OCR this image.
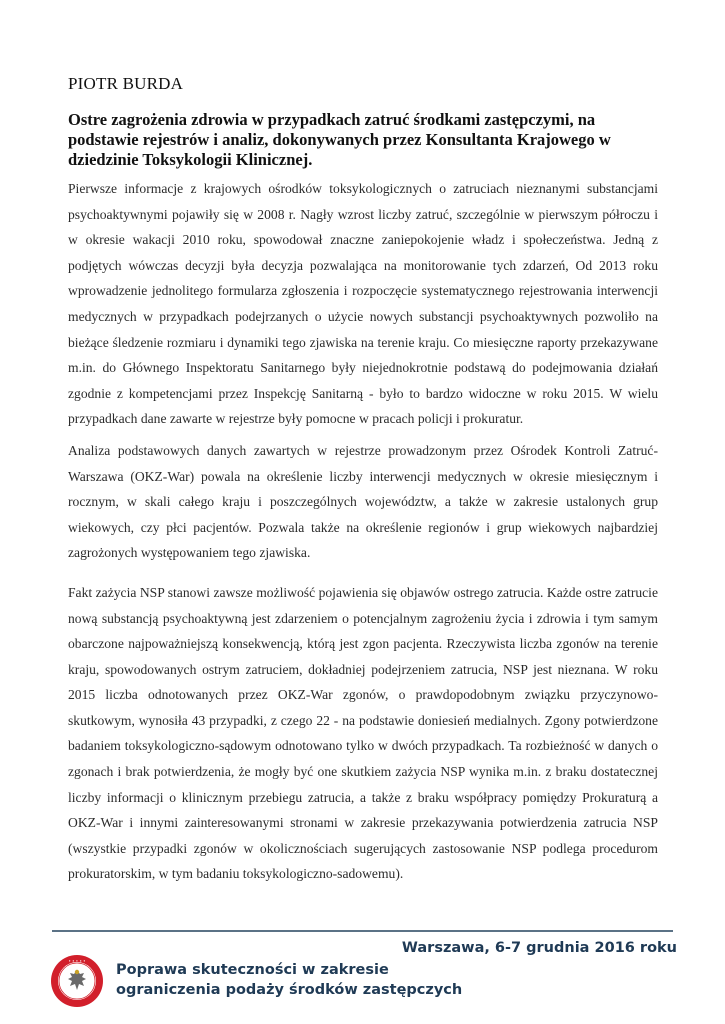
PIOTR BURDA
Ostre zagrożenia zdrowia w przypadkach zatruć środkami zastępczymi, na podstawie rejestrów i analiz, dokonywanych przez Konsultanta Krajowego w dziedzinie Toksykologii Klinicznej.

Pierwsze informacje z krajowych ośrodków toksykologicznych o zatruciach nieznanymi substancjami psychoaktywnymi pojawiły się w 2008 r. Nagły wzrost liczby zatruć, szczególnie w pierwszym półroczu i w okresie wakacji 2010 roku, spowodował znaczne zaniepokojenie władz i społeczeństwa. Jedną z podjętych wówczas decyzji była decyzja pozwalająca na monitorowanie tych zdarzeń, Od 2013 roku wprowadzenie jednolitego formularza zgłoszenia i rozpoczęcie systematycznego rejestrowania interwencji medycznych w przypadkach podejrzanych o użycie nowych substancji psychoaktywnych pozwoliło na bieżące śledzenie rozmiaru i dynamiki tego zjawiska na terenie kraju. Co miesięczne raporty przekazywane m.in. do Głównego Inspektoratu Sanitarnego były niejednokrotnie podstawą do podejmowania działań zgodnie z kompetencjami przez Inspekcję Sanitarną - było to bardzo widoczne w roku 2015. W wielu przypadkach dane zawarte w rejestrze były pomocne w pracach policji i prokuratur.

Analiza podstawowych danych zawartych w rejestrze prowadzonym przez Ośrodek Kontroli Zatruć-Warszawa (OKZ-War) powala na określenie liczby interwencji medycznych w okresie miesięcznym i rocznym, w skali całego kraju i poszczególnych województw, a także w zakresie ustalonych grup wiekowych, czy płci pacjentów. Pozwala także na określenie regionów i grup wiekowych najbardziej zagrożonych występowaniem tego zjawiska.

Fakt zażycia NSP stanowi zawsze możliwość pojawienia się objawów ostrego zatrucia. Każde ostre zatrucie nową substancją psychoaktywną jest zdarzeniem o potencjalnym zagrożeniu życia i zdrowia i tym samym obarczone najpoważniejszą konsekwencją, którą jest zgon pacjenta. Rzeczywista liczba zgonów na terenie kraju, spowodowanych ostrym zatruciem, dokładniej podejrzeniem zatrucia, NSP jest nieznana. W roku 2015 liczba odnotowanych przez OKZ-War zgonów, o prawdopodobnym związku przyczynowo-skutkowym, wynosiła 43 przypadki, z czego 22 - na podstawie doniesień medialnych. Zgony potwierdzone badaniem toksykologiczno-sądowym odnotowano tylko w dwóch przypadkach. Ta rozbieżność w danych o zgonach i brak potwierdzenia, że mogły być one skutkiem zażycia NSP wynika m.in. z braku dostatecznej liczby informacji o klinicznym przebiegu zatrucia, a także z braku współpracy pomiędzy Prokuraturą a OKZ-War i innymi zainteresowanymi stronami w zakresie przekazywania potwierdzenia zatrucia NSP (wszystkie przypadki zgonów w okolicznościach sugerujących zastosowanie NSP podlega procedurom prokuratorskim, w tym badaniu toksykologiczno-sadowemu).

Warszawa, 6-7 grudnia 2016 roku
• • • • •
Poprawa skuteczności w zakresie
ograniczenia podaży środków zastępczych
